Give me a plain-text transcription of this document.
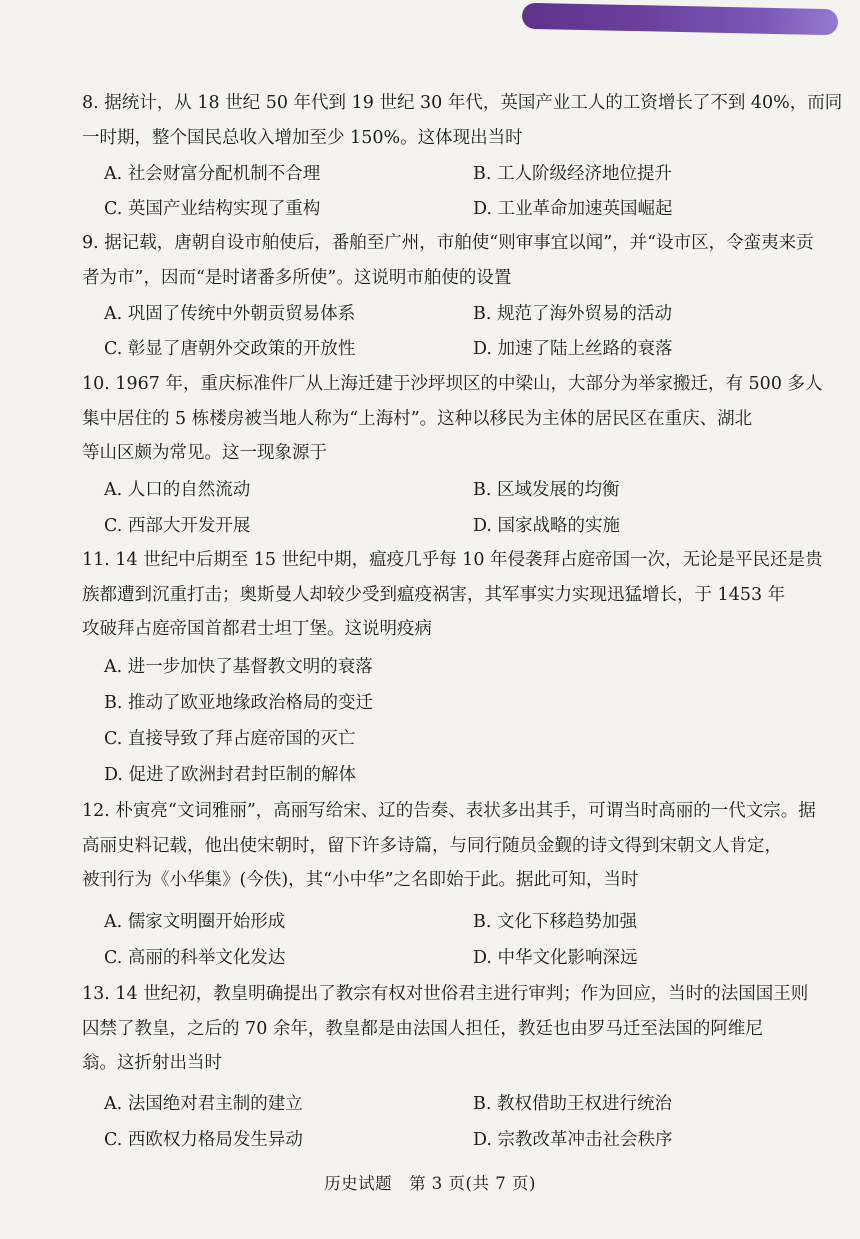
8. 据统计，从 18 世纪 50 年代到 19 世纪 30 年代，英国产业工人的工资增长了不到 40%，而同
一时期，整个国民总收入增加至少 150%。这体现出当时
A. 社会财富分配机制不合理	B. 工人阶级经济地位提升
C. 英国产业结构实现了重构	D. 工业革命加速英国崛起
9. 据记载，唐朝自设市舶使后，番舶至广州，市舶使“则审事宜以闻”，并“设市区，令蛮夷来贡
者为市”，因而“是时诸番多所使”。这说明市舶使的设置
A. 巩固了传统中外朝贡贸易体系	B. 规范了海外贸易的活动
C. 彰显了唐朝外交政策的开放性	D. 加速了陆上丝路的衰落
10. 1967 年，重庆标准件厂从上海迁建于沙坪坝区的中梁山，大部分为举家搬迁，有 500 多人
集中居住的 5 栋楼房被当地人称为“上海村”。这种以移民为主体的居民区在重庆、湖北
等山区颇为常见。这一现象源于
A. 人口的自然流动	B. 区域发展的均衡
C. 西部大开发开展	D. 国家战略的实施
11. 14 世纪中后期至 15 世纪中期，瘟疫几乎每 10 年侵袭拜占庭帝国一次，无论是平民还是贵
族都遭到沉重打击；奥斯曼人却较少受到瘟疫祸害，其军事实力实现迅猛增长，于 1453 年
攻破拜占庭帝国首都君士坦丁堡。这说明疫病
A. 进一步加快了基督教文明的衰落
B. 推动了欧亚地缘政治格局的变迁
C. 直接导致了拜占庭帝国的灭亡
D. 促进了欧洲封君封臣制的解体
12. 朴寅亮“文词雅丽”，高丽写给宋、辽的告奏、表状多出其手，可谓当时高丽的一代文宗。据
高丽史料记载，他出使宋朝时，留下许多诗篇，与同行随员金觐的诗文得到宋朝文人肯定，
被刊行为《小华集》(今佚)，其“小中华”之名即始于此。据此可知，当时
A. 儒家文明圈开始形成	B. 文化下移趋势加强
C. 高丽的科举文化发达	D. 中华文化影响深远
13. 14 世纪初，教皇明确提出了教宗有权对世俗君主进行审判；作为回应，当时的法国国王则
囚禁了教皇，之后的 70 余年，教皇都是由法国人担任，教廷也由罗马迁至法国的阿维尼
翁。这折射出当时
A. 法国绝对君主制的建立	B. 教权借助王权进行统治
C. 西欧权力格局发生异动	D. 宗教改革冲击社会秩序
历史试题　第 3 页(共 7 页)
